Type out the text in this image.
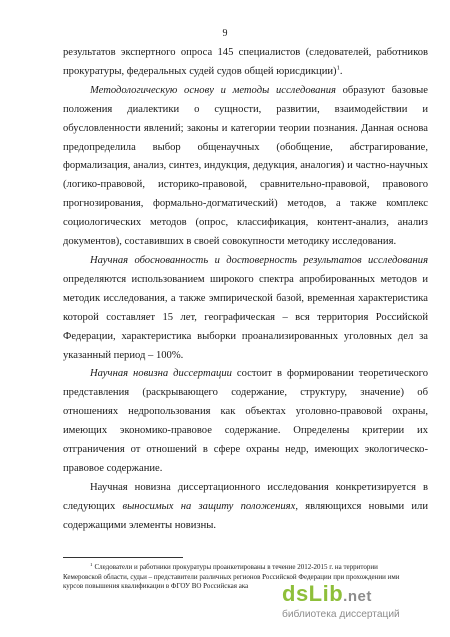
9

результатов экспертного опроса 145 специалистов (следователей, работников прокуратуры, федеральных судей судов общей юрисдикции)$^1$.

Методологическую основу и методы исследования образуют базовые положения диалектики о сущности, развитии, взаимодействии и обусловленности явлений; законы и категории теории познания. Данная основа предопределила выбор общенаучных (обобщение, абстрагирование, формализация, анализ, синтез, индукция, дедукция, аналогия) и частно-научных (логико-правовой, историко-правовой, сравнительно-правовой, правового прогнозирования, формально-догматический) методов, а также комплекс социологических методов (опрос, классификация, контент-анализ, анализ документов), составивших в своей совокупности методику исследования.

Научная обоснованность и достоверность результатов исследования определяются использованием широкого спектра апробированных методов и методик исследования, а также эмпирической базой, временная характеристика которой составляет 15 лет, географическая – вся территория Российской Федерации, характеристика выборки проанализированных уголовных дел за указанный период – 100%.

Научная новизна диссертации состоит в формировании теоретического представления (раскрывающего содержание, структуру, значение) об отношениях недропользования как объектах уголовно-правовой охраны, имеющих экономико-правовое содержание. Определены критерии их отграничения от отношений в сфере охраны недр, имеющих экологическо-правовое содержание.

Научная новизна диссертационного исследования конкретизируется в следующих выносимых на защиту положениях, являющихся новыми или содержащими элементы новизны.

$^1$ Следователи и работники прокуратуры проанкетированы в течение 2012-2015 г. на территории
Кемеровской области, судьи – представители различных регионов Российской Федерации при прохождении ими
курсов повышения квалификации в ФГОУ ВО Российская ака	dsLib.net
библиотека диссертаций
